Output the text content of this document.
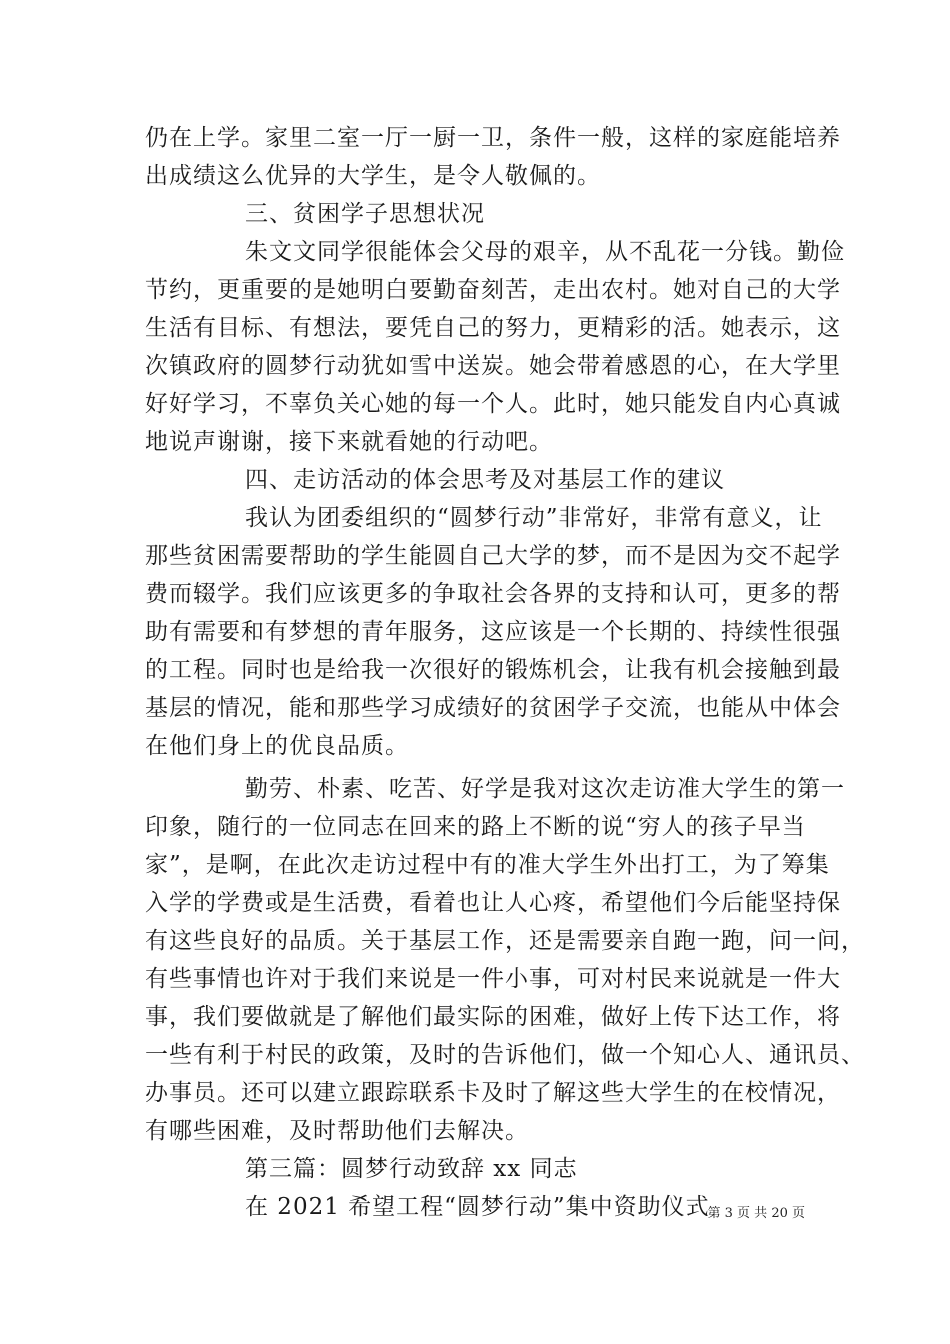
仍在上学。家里二室一厅一厨一卫，条件一般，这样的家庭能培养
出成绩这么优异的大学生，是令人敬佩的。
三、贫困学子思想状况
朱文文同学很能体会父母的艰辛，从不乱花一分钱。勤俭
节约，更重要的是她明白要勤奋刻苦，走出农村。她对自己的大学
生活有目标、有想法，要凭自己的努力，更精彩的活。她表示，这
次镇政府的圆梦行动犹如雪中送炭。她会带着感恩的心，在大学里
好好学习，不辜负关心她的每一个人。此时，她只能发自内心真诚
地说声谢谢，接下来就看她的行动吧。
四、走访活动的体会思考及对基层工作的建议
我认为团委组织的“圆梦行动”非常好，非常有意义，让
那些贫困需要帮助的学生能圆自己大学的梦，而不是因为交不起学
费而辍学。我们应该更多的争取社会各界的支持和认可，更多的帮
助有需要和有梦想的青年服务，这应该是一个长期的、持续性很强
的工程。同时也是给我一次很好的锻炼机会，让我有机会接触到最
基层的情况，能和那些学习成绩好的贫困学子交流，也能从中体会
在他们身上的优良品质。
勤劳、朴素、吃苦、好学是我对这次走访准大学生的第一
印象，随行的一位同志在回来的路上不断的说“穷人的孩子早当
家”，是啊，在此次走访过程中有的准大学生外出打工，为了筹集
入学的学费或是生活费，看着也让人心疼，希望他们今后能坚持保
有这些良好的品质。关于基层工作，还是需要亲自跑一跑，问一问，
有些事情也许对于我们来说是一件小事，可对村民来说就是一件大
事，我们要做就是了解他们最实际的困难，做好上传下达工作，将
一些有利于村民的政策，及时的告诉他们，做一个知心人、通讯员、
办事员。还可以建立跟踪联系卡及时了解这些大学生的在校情况，
有哪些困难，及时帮助他们去解决。
第三篇：圆梦行动致辞 xx 同志
在 2021 希望工程“圆梦行动”集中资助仪式
第 3 页 共 20 页
